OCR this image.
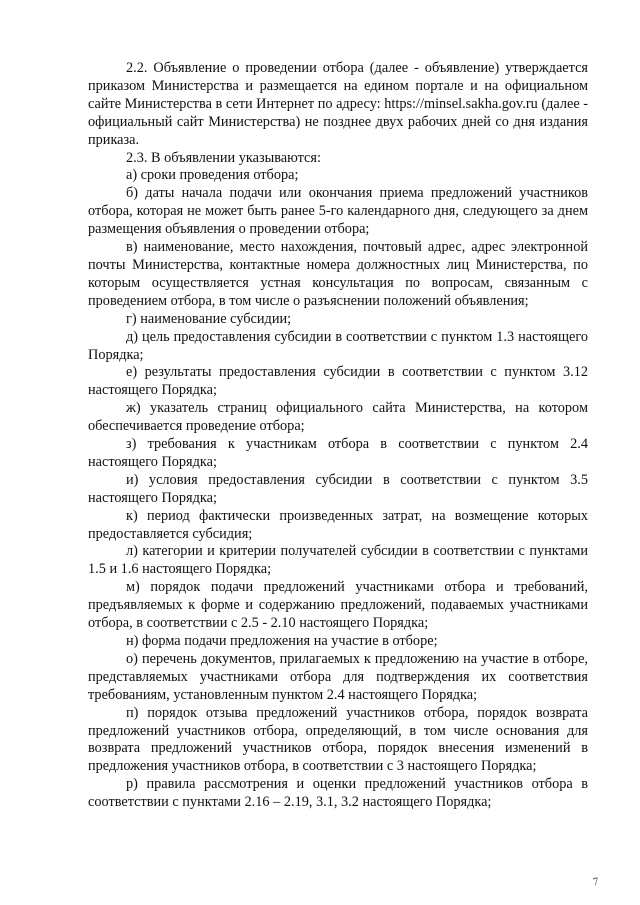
2.2. Объявление о проведении отбора (далее - объявление) утверждается приказом Министерства и размещается на едином портале и на официальном сайте Министерства в сети Интернет по адресу: https://minsel.sakha.gov.ru (далее - официальный сайт Министерства) не позднее двух рабочих дней со дня издания приказа.

2.3. В объявлении указываются:

а) сроки проведения отбора;

б) даты начала подачи или окончания приема предложений участников отбора, которая не может быть ранее 5-го календарного дня, следующего за днем размещения объявления о проведении отбора;

в) наименование, место нахождения, почтовый адрес, адрес электронной почты Министерства, контактные номера должностных лиц Министерства, по которым осуществляется устная консультация по вопросам, связанным с проведением отбора, в том числе о разъяснении положений объявления;

г) наименование субсидии;

д) цель предоставления субсидии в соответствии с пунктом 1.3 настоящего Порядка;

е) результаты предоставления субсидии в соответствии с пунктом 3.12 настоящего Порядка;

ж) указатель страниц официального сайта Министерства, на котором обеспечивается проведение отбора;

з) требования к участникам отбора в соответствии с пунктом 2.4 настоящего Порядка;

и) условия предоставления субсидии в соответствии с пунктом 3.5 настоящего Порядка;

к) период фактически произведенных затрат, на возмещение которых предоставляется субсидия;

л) категории и критерии получателей субсидии в соответствии с пунктами 1.5 и 1.6 настоящего Порядка;

м) порядок подачи предложений участниками отбора и требований, предъявляемых к форме и содержанию предложений, подаваемых участниками отбора, в соответствии с 2.5 - 2.10 настоящего Порядка;

н) форма подачи предложения на участие в отборе;

о) перечень документов, прилагаемых к предложению на участие в отборе, представляемых участниками отбора для подтверждения их соответствия требованиям, установленным пунктом 2.4 настоящего Порядка;

п) порядок отзыва предложений участников отбора, порядок возврата предложений участников отбора, определяющий, в том числе основания для возврата предложений участников отбора, порядок внесения изменений в предложения участников отбора, в соответствии с 3 настоящего Порядка;

р) правила рассмотрения и оценки предложений участников отбора в соответствии с пунктами 2.16 – 2.19, 3.1, 3.2 настоящего Порядка;

7
